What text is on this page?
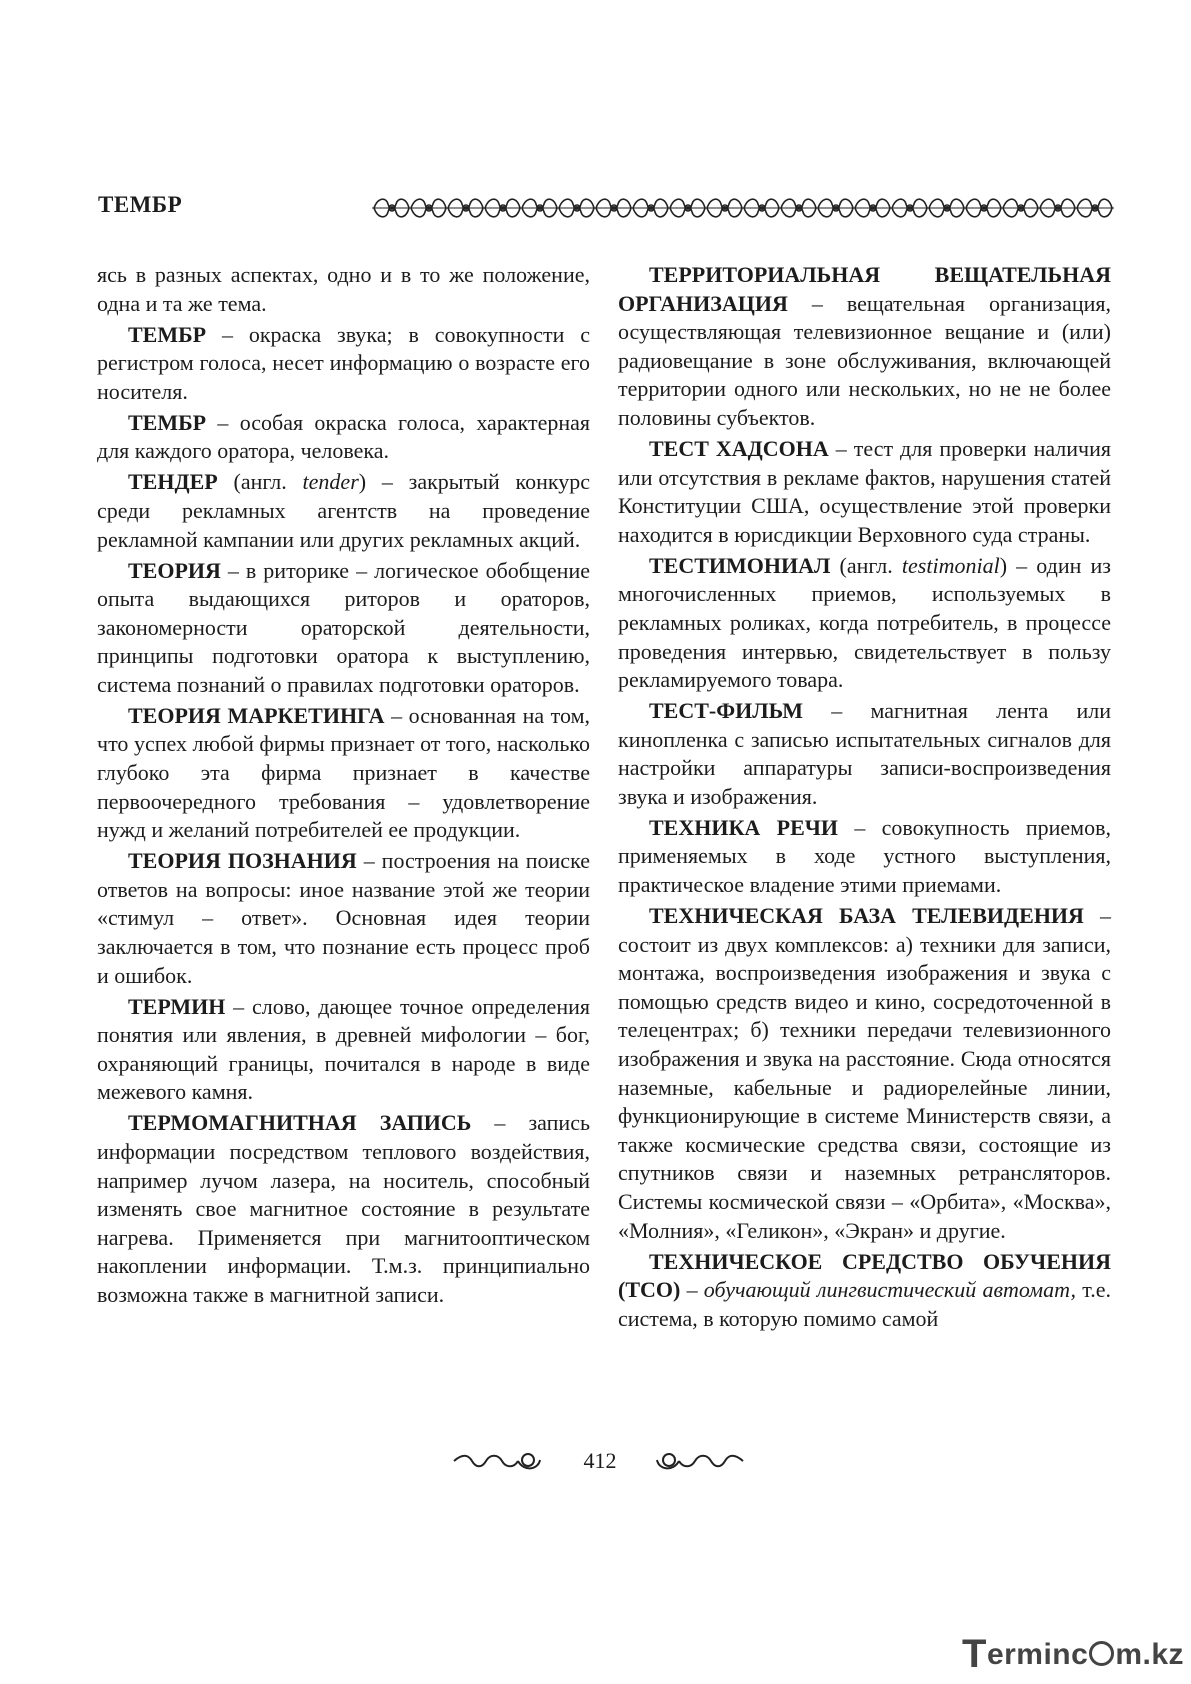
ТЕМБР

ясь в разных аспектах, одно и в то же положение, одна и та же тема.

ТЕМБР – окраска звука; в совокупности с регистром голоса, несет информацию о возрасте его носителя.

ТЕМБР – особая окраска голоса, характерная для каждого оратора, человека.

ТЕНДЕР (англ. tender) – закрытый конкурс среди рекламных агентств на проведение рекламной кампании или других рекламных акций.

ТЕОРИЯ – в риторике – логическое обобщение опыта выдающихся риторов и ораторов, закономерности ораторской деятельности, принципы подготовки оратора к выступлению, система познаний о правилах подготовки ораторов.

ТЕОРИЯ МАРКЕТИНГА – основанная на том, что успех любой фирмы признает от того, насколько глубоко эта фирма признает в качестве первоочередного требования – удовлетворение нужд и желаний потребителей ее продукции.

ТЕОРИЯ ПОЗНАНИЯ – построения на поиске ответов на вопросы: иное название этой же теории «стимул – ответ». Основная идея теории заключается в том, что познание есть процесс проб и ошибок.

ТЕРМИН – слово, дающее точное определения понятия или явления, в древней мифологии – бог, охраняющий границы, почитался в народе в виде межевого камня.

ТЕРМОМАГНИТНАЯ ЗАПИСЬ – запись информации посредством теплового воздействия, например лучом лазера, на носитель, способный изменять свое магнитное состояние в результате нагрева. Применяется при магнитооптическом накоплении информации. Т.м.з. принципиально возможна также в магнитной записи.

ТЕРРИТОРИАЛЬНАЯ ВЕЩАТЕЛЬНАЯ ОРГАНИЗАЦИЯ – вещательная организация, осуществляющая телевизионное вещание и (или) радиовещание в зоне обслуживания, включающей территории одного или нескольких, но не не более половины субъектов.

ТЕСТ ХАДСОНА – тест для проверки наличия или отсутствия в рекламе фактов, нарушения статей Конституции США, осуществление этой проверки находится в юрисдикции Верховного суда страны.

ТЕСТИМОНИАЛ (англ. testimonial) – один из многочисленных приемов, используемых в рекламных роликах, когда потребитель, в процессе проведения интервью, свидетельствует в пользу рекламируемого товара.

ТЕСТ-ФИЛЬМ – магнитная лента или кинопленка с записью испытательных сигналов для настройки аппаратуры записи-воспроизведения звука и изображения.

ТЕХНИКА РЕЧИ – совокупность приемов, применяемых в ходе устного выступления, практическое владение этими приемами.

ТЕХНИЧЕСКАЯ БАЗА ТЕЛЕВИДЕНИЯ – состоит из двух комплексов: а) техники для записи, монтажа, воспроизведения изображения и звука с помощью средств видео и кино, сосредоточенной в телецентрах; б) техники передачи телевизионного изображения и звука на расстояние. Сюда относятся наземные, кабельные и радиорелейные линии, функционирующие в системе Министерств связи, а также космические средства связи, состоящие из спутников связи и наземных ретрансляторов. Системы космической связи – «Орбита», «Москва», «Молния», «Геликон», «Экран» и другие.

ТЕХНИЧЕСКОЕ СРЕДСТВО ОБУЧЕНИЯ (ТСО) – обучающий лингвистический автомат, т.е. система, в которую помимо самой

412
Terminc m.kz
